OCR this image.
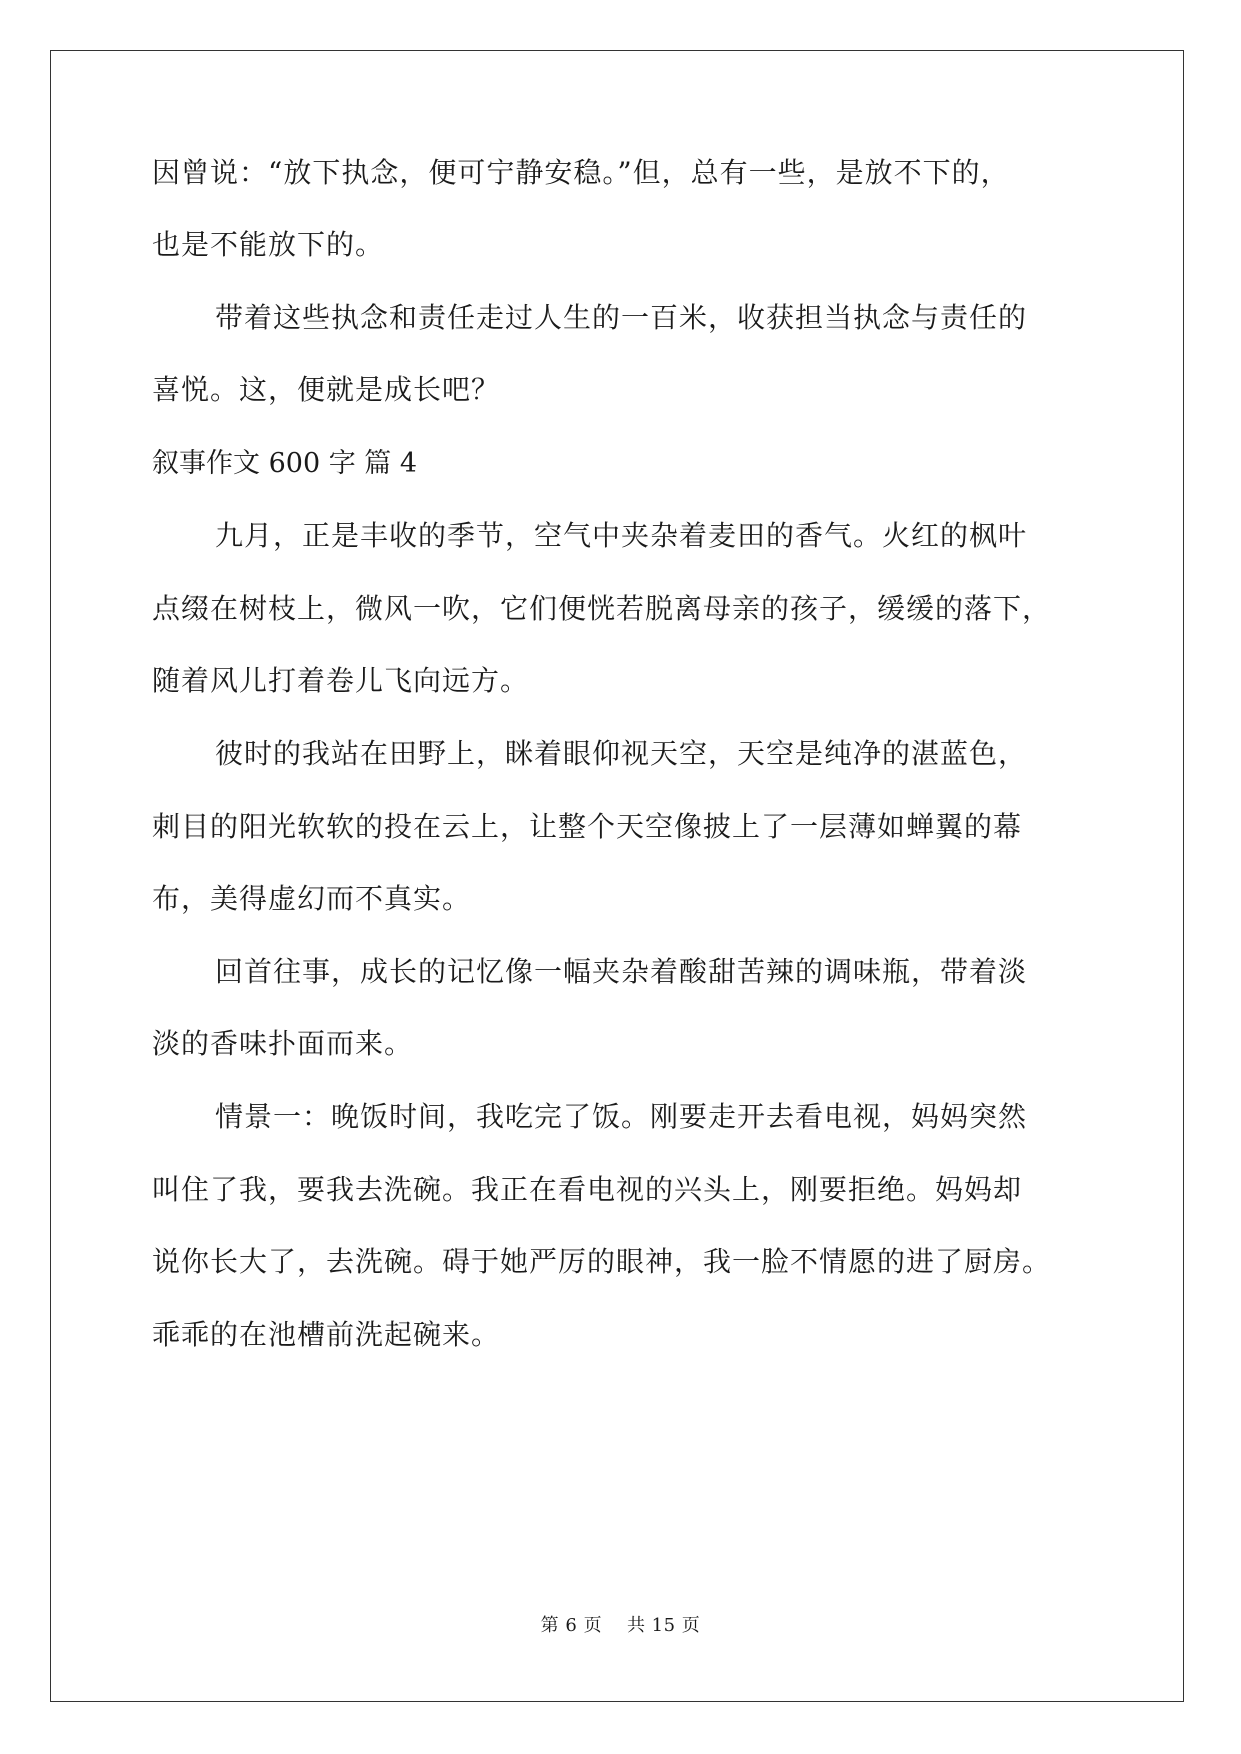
因曾说：“放下执念，便可宁静安稳。”但，总有一些，是放不下的，
也是不能放下的。
带着这些执念和责任走过人生的一百米，收获担当执念与责任的
喜悦。这，便就是成长吧？
叙事作文 600 字 篇 4
九月，正是丰收的季节，空气中夹杂着麦田的香气。火红的枫叶
点缀在树枝上，微风一吹，它们便恍若脱离母亲的孩子，缓缓的落下，
随着风儿打着卷儿飞向远方。
彼时的我站在田野上，眯着眼仰视天空，天空是纯净的湛蓝色，
刺目的阳光软软的投在云上，让整个天空像披上了一层薄如蝉翼的幕
布，美得虚幻而不真实。
回首往事，成长的记忆像一幅夹杂着酸甜苦辣的调味瓶，带着淡
淡的香味扑面而来。
情景一：晚饭时间，我吃完了饭。刚要走开去看电视，妈妈突然
叫住了我，要我去洗碗。我正在看电视的兴头上，刚要拒绝。妈妈却
说你长大了，去洗碗。碍于她严厉的眼神，我一脸不情愿的进了厨房。
乖乖的在池槽前洗起碗来。
第 6 页    共 15 页
